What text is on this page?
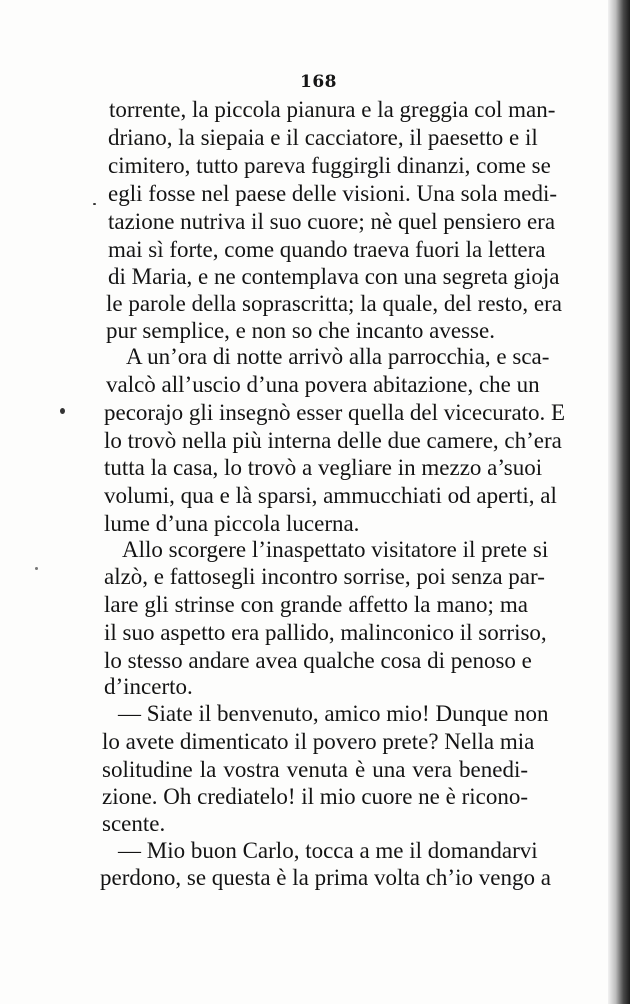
168
torrente, la piccola pianura e la greggia col man-
driano, la siepaia e il cacciatore, il paesetto e il
cimitero, tutto pareva fuggirgli dinanzi, come se
egli fosse nel paese delle visioni. Una sola medi-
tazione nutriva il suo cuore; nè quel pensiero era
mai sì forte, come quando traeva fuori la lettera
di Maria, e ne contemplava con una segreta gioja
le parole della soprascritta; la quale, del resto, era
pur semplice, e non so che incanto avesse.
A un’ora di notte arrivò alla parrocchia, e sca-
valcò all’uscio d’una povera abitazione, che un
pecorajo gli insegnò esser quella del vicecurato. E
lo trovò nella più interna delle due camere, ch’era
tutta la casa, lo trovò a vegliare in mezzo a’suoi
volumi, qua e là sparsi, ammucchiati od aperti, al
lume d’una piccola lucerna.
Allo scorgere l’inaspettato visitatore il prete si
alzò, e fattosegli incontro sorrise, poi senza par-
lare gli strinse con grande affetto la mano; ma
il suo aspetto era pallido, malinconico il sorriso,
lo stesso andare avea qualche cosa di penoso e
d’incerto.
— Siate il benvenuto, amico mio! Dunque non
lo avete dimenticato il povero prete? Nella mia
solitudine la vostra venuta è una vera benedi-
zione. Oh crediatelo! il mio cuore ne è ricono-
scente.
— Mio buon Carlo, tocca a me il domandarvi
perdono, se questa è la prima volta ch’io vengo a
